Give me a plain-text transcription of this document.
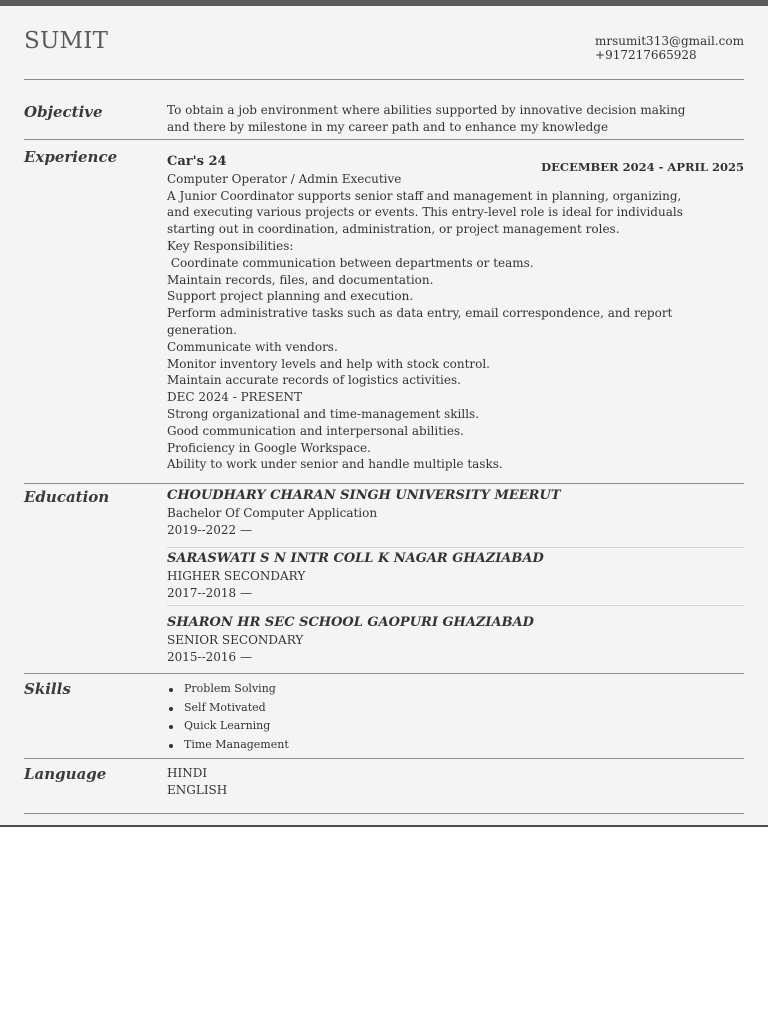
SUMIT	mrsumit313@gmail.com
+917217665928
Objective	To obtain a job environment where abilities supported by innovative decision making
and there by milestone in my career path and to enhance my knowledge
Experience	Car's 24	DECEMBER 2024 - APRIL 2025
Computer Operator / Admin Executive
A Junior Coordinator supports senior staff and management in planning, organizing,
and executing various projects or events. This entry-level role is ideal for individuals
starting out in coordination, administration, or project management roles.
Key Responsibilities:
Coordinate communication between departments or teams.
Maintain records, files, and documentation.
Support project planning and execution.
Perform administrative tasks such as data entry, email correspondence, and report
generation.
Communicate with vendors.
Monitor inventory levels and help with stock control.
Maintain accurate records of logistics activities.
DEC 2024 - PRESENT
Strong organizational and time-management skills.
Good communication and interpersonal abilities.
Proficiency in Google Workspace.
Ability to work under senior and handle multiple tasks.
Education	CHOUDHARY CHARAN SINGH UNIVERSITY MEERUT
Bachelor Of Computer Application
2019--2022 —
SARASWATI S N INTR COLL K NAGAR GHAZIABAD
HIGHER SECONDARY
2017--2018 —
SHARON HR SEC SCHOOL GAOPURI GHAZIABAD
SENIOR SECONDARY
2015--2016 —
Skills	Problem Solving
Self Motivated
Quick Learning
Time Management
Language	HINDI
ENGLISH
